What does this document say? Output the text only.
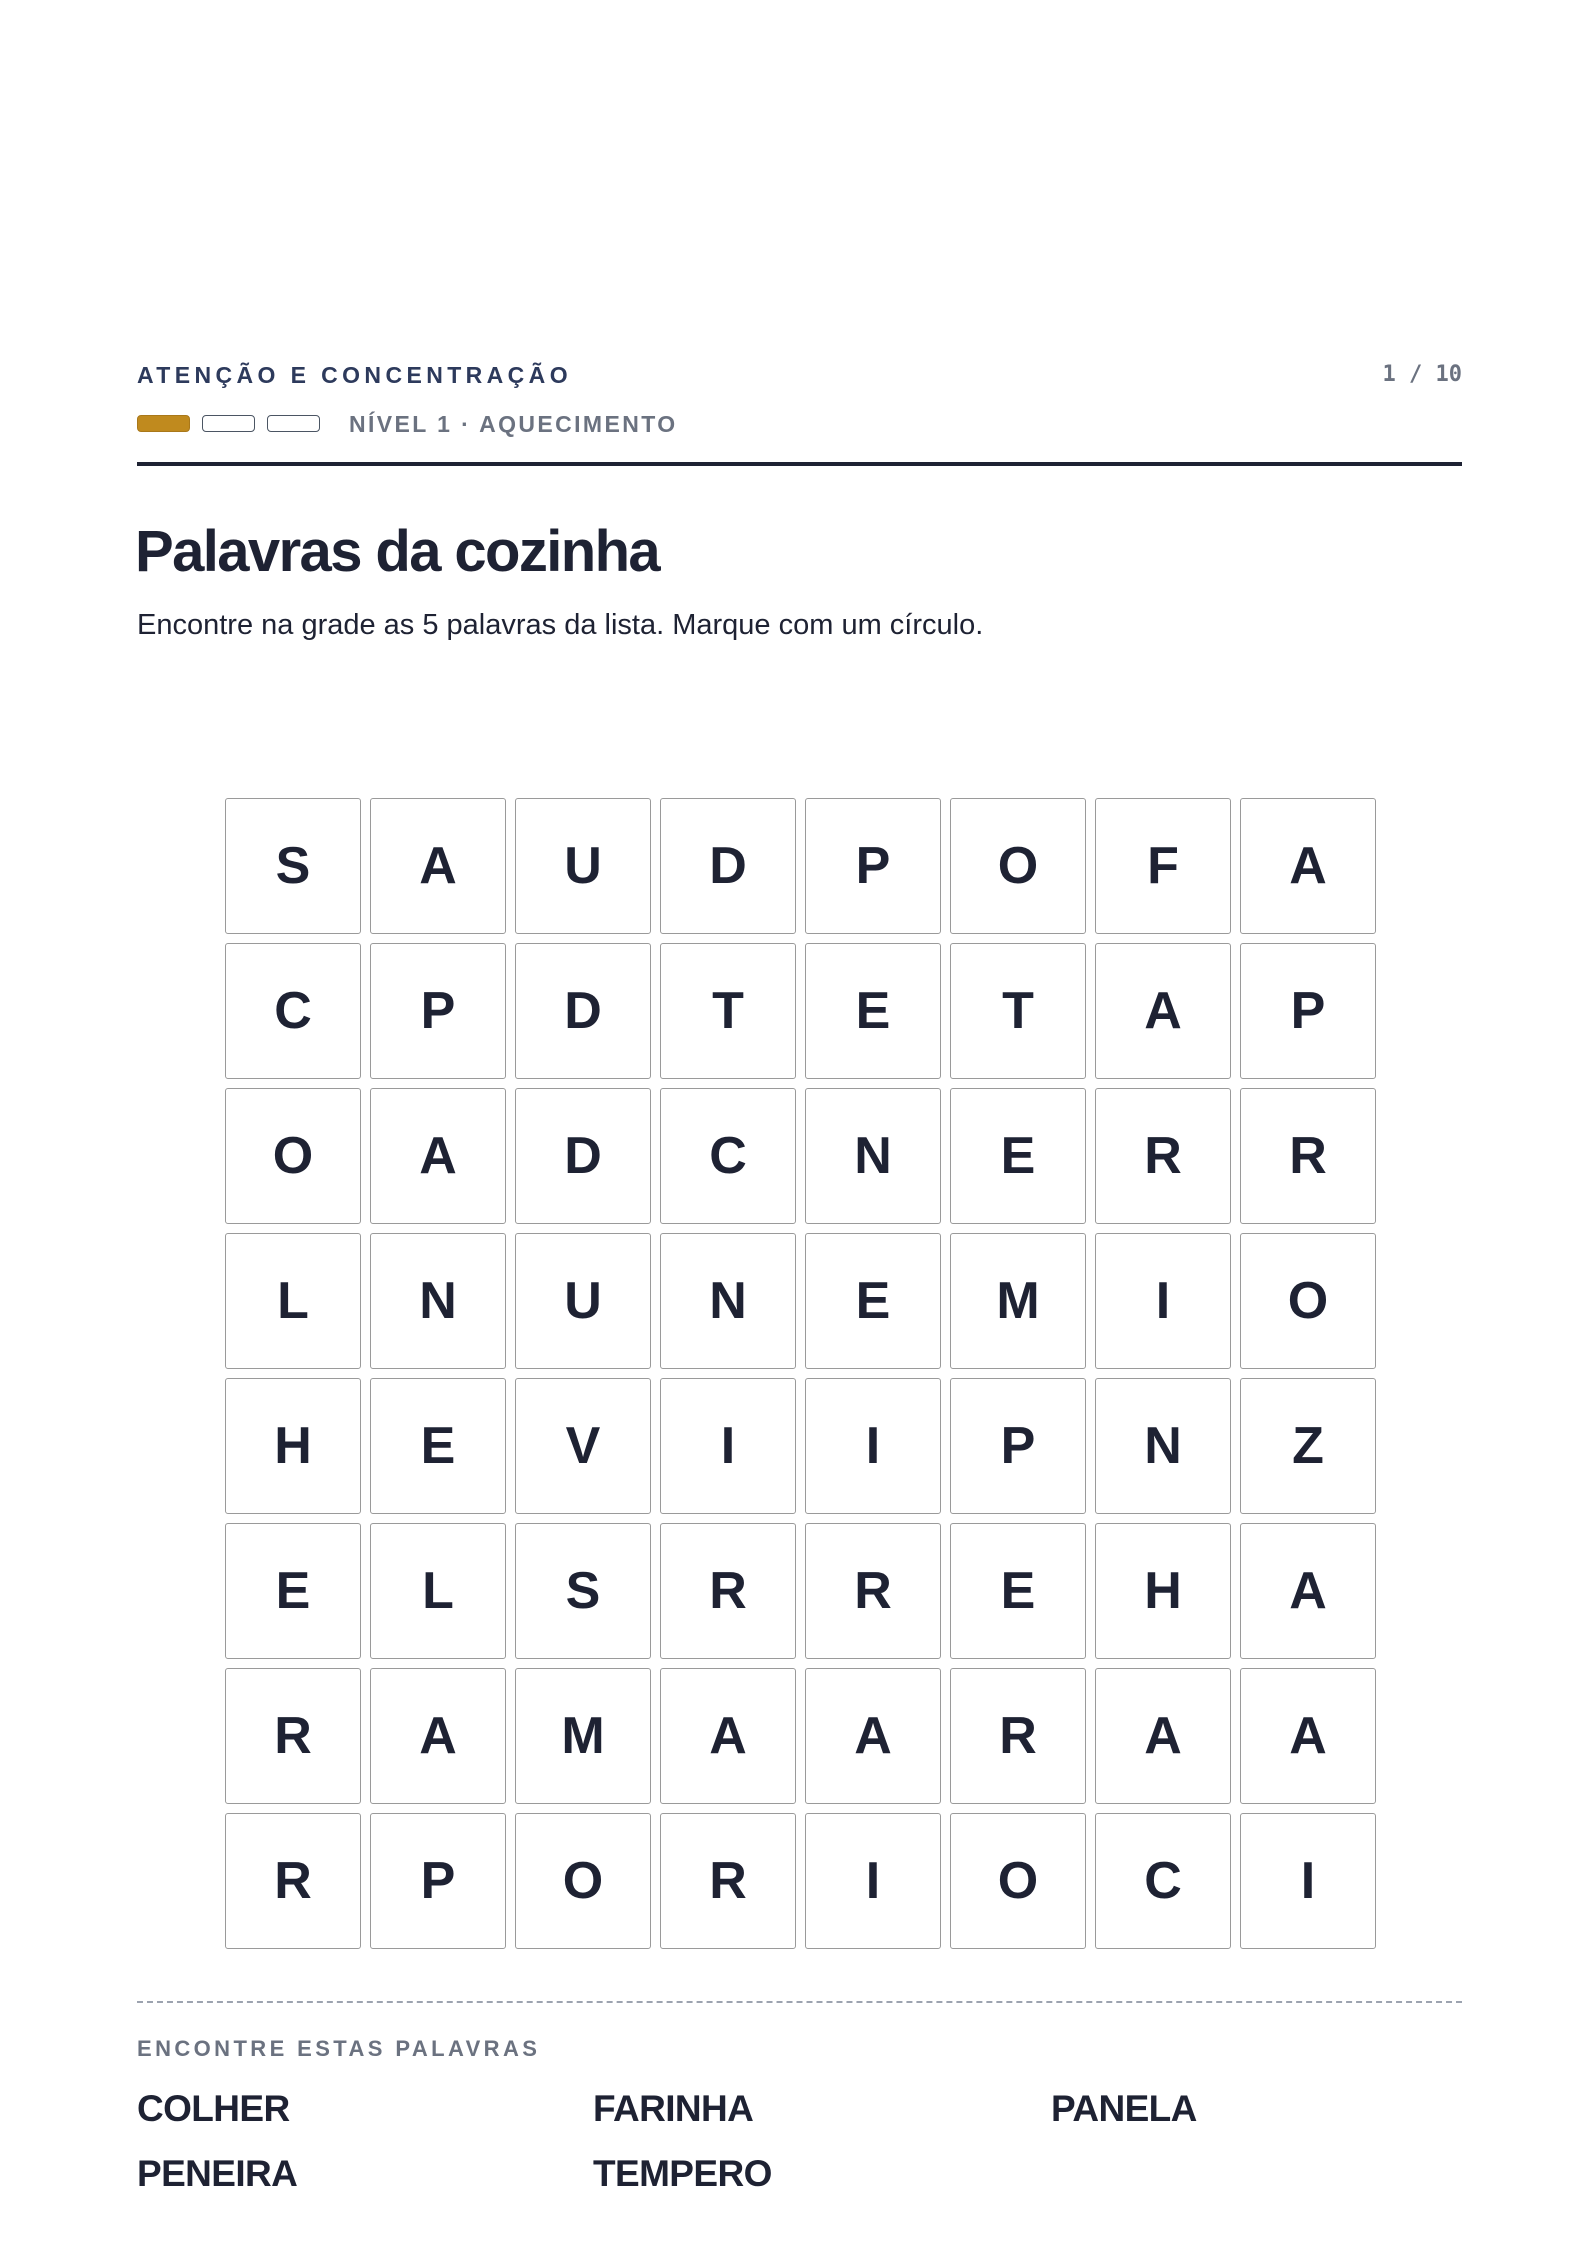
ATENÇÃO E CONCENTRAÇÃO	1 / 10
NÍVEL 1 · AQUECIMENTO
Palavras da cozinha
Encontre na grade as 5 palavras da lista. Marque com um círculo.
S	A	U	D	P	O	F	A
C	P	D	T	E	T	A	P
O	A	D	C	N	E	R	R
L	N	U	N	E	M	I	O
H	E	V	I	I	P	N	Z
E	L	S	R	R	E	H	A
R	A	M	A	A	R	A	A
R	P	O	R	I	O	C	I
ENCONTRE ESTAS PALAVRAS
COLHER	FARINHA	PANELA
PENEIRA	TEMPERO
